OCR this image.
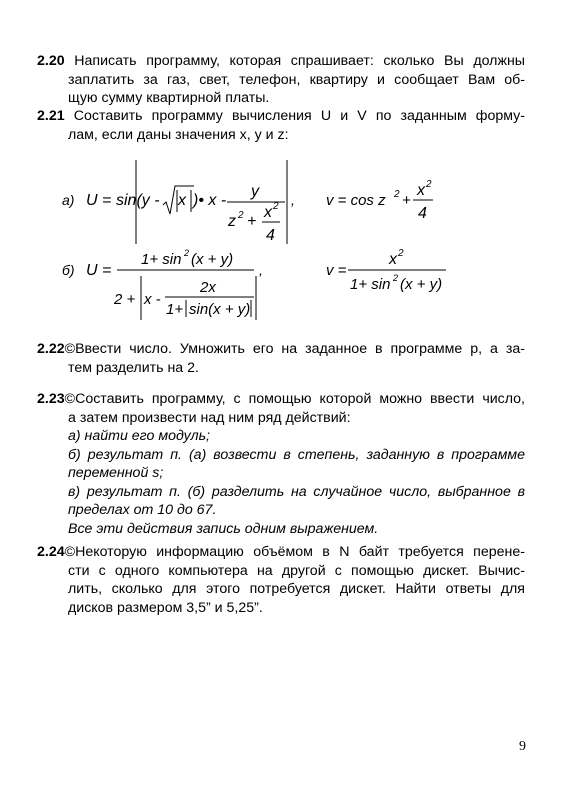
2.20 Написать программу, которая спрашивает: сколько Вы должны
заплатить за газ, свет, телефон, квартиру и сообщает Вам об-
щую сумму квартирной платы.
2.21 Составить программу вычисления U и V по заданным форму-
лам, если даны значения x, y и z:
а) U = sin(y - x )• x -
y
z 2 +
x 2
4
, v = cos z 2 +
x 2
4
б) U =
1+ sin 2 (x + y)
2 + x -
2x
1+ sin(x + y)
,	v =
x 2
1+ sin 2 (x + y)
2.22©Ввести число. Умножить его на заданное в программе p, а за-
тем разделить на 2.
2.23©Составить программу, с помощью которой можно ввести число,
а затем произвести над ним ряд действий:
а) найти его модуль;
б) результат п. (а) возвести в степень, заданную в программе
переменной s;
в) результат п. (б) разделить на случайное число, выбранное в
пределах от 10 до 67.
Все эти действия запись одним выражением.
2.24©Некоторую информацию объёмом в N байт требуется перене-
сти с одного компьютера на другой с помощью дискет. Вычис-
лить, сколько для этого потребуется дискет. Найти ответы для
дисков размером 3,5” и 5,25”.
9
